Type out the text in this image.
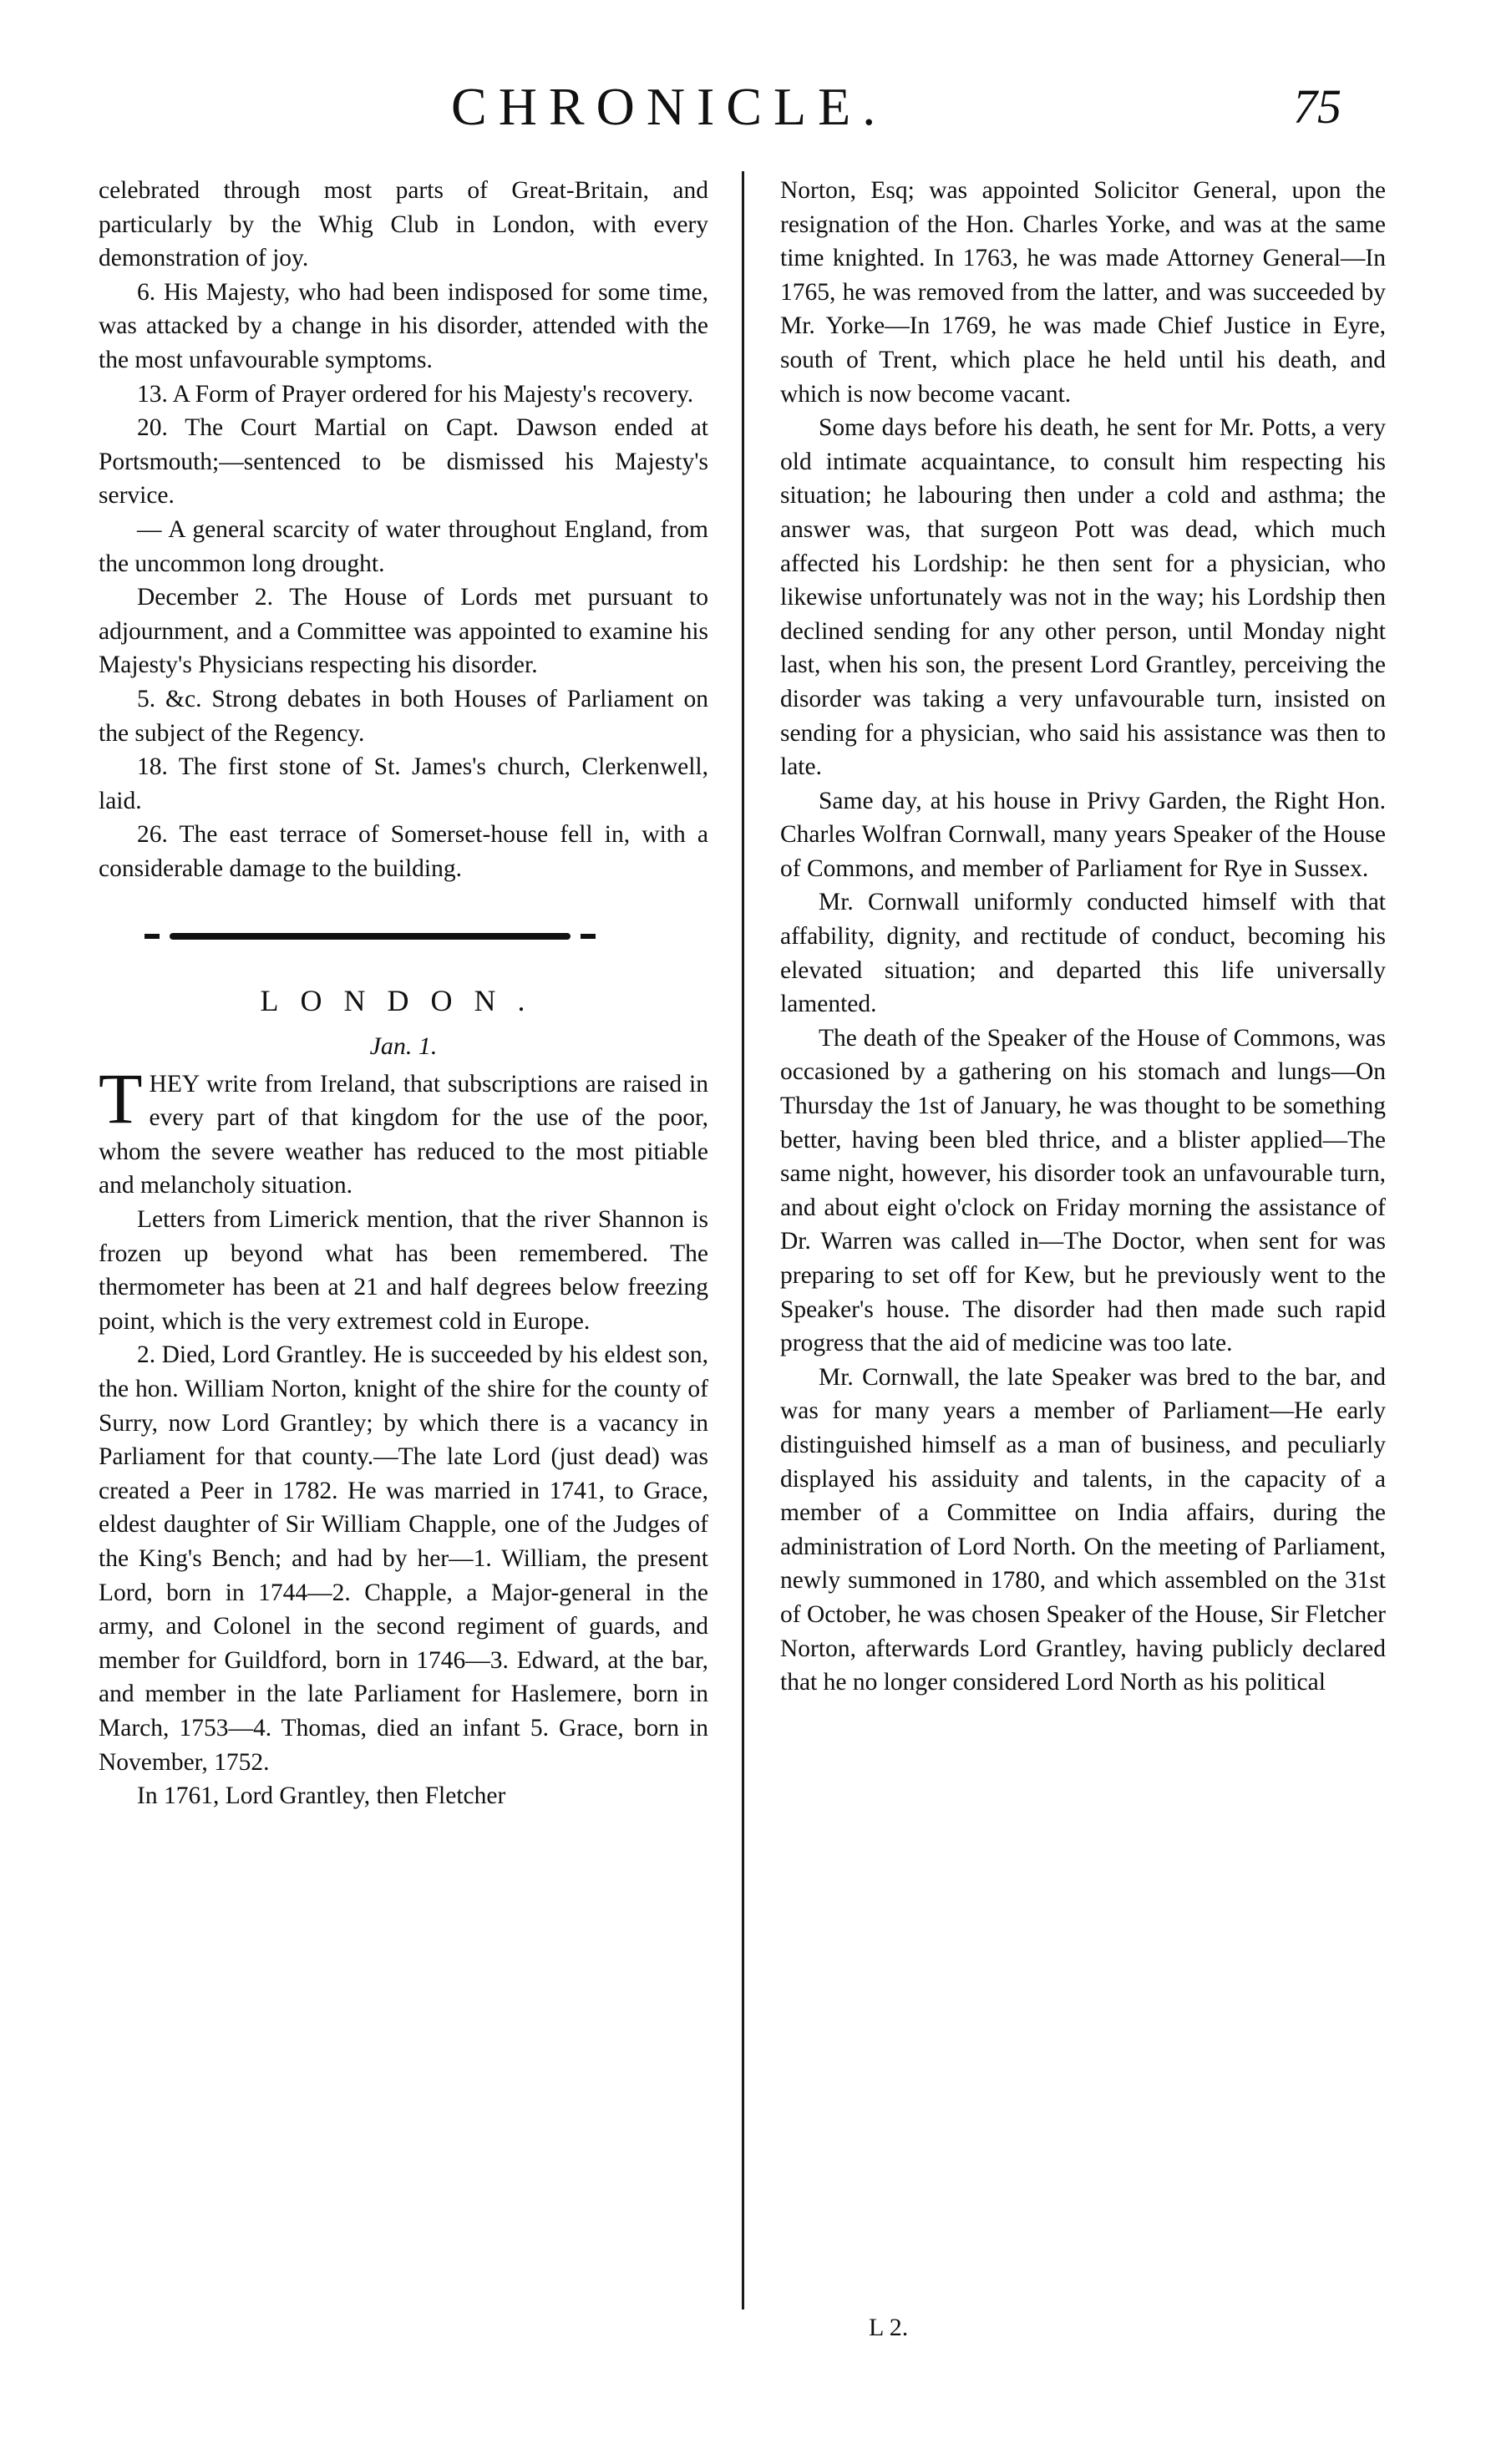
CHRONICLE.	75

celebrated through most parts of Great-Britain, and particularly by the Whig Club in London, with every demonstration of joy.

6. His Majesty, who had been indisposed for some time, was attacked by a change in his disorder, attended with the the most unfavourable symptoms.

13. A Form of Prayer ordered for his Majesty's recovery.

20. The Court Martial on Capt. Dawson ended at Portsmouth;—sentenced to be dismissed his Majesty's service.

— A general scarcity of water throughout England, from the uncommon long drought.

December 2. The House of Lords met pursuant to adjournment, and a Committee was appointed to examine his Majesty's Physicians respecting his disorder.

5. &c. Strong debates in both Houses of Parliament on the subject of the Regency.

18. The first stone of St. James's church, Clerkenwell, laid.

26. The east terrace of Somerset-house fell in, with a considerable damage to the building.

LONDON.
Jan. 1.

THEY write from Ireland, that subscriptions are raised in every part of that kingdom for the use of the poor, whom the severe weather has reduced to the most pitiable and melancholy situation.

Letters from Limerick mention, that the river Shannon is frozen up beyond what has been remembered. The thermometer has been at 21 and half degrees below freezing point, which is the very extremest cold in Europe.

2. Died, Lord Grantley. He is succeeded by his eldest son, the hon. William Norton, knight of the shire for the county of Surry, now Lord Grantley; by which there is a vacancy in Parliament for that county.—The late Lord (just dead) was created a Peer in 1782. He was married in 1741, to Grace, eldest daughter of Sir William Chapple, one of the Judges of the King's Bench; and had by her—1. William, the present Lord, born in 1744—2. Chapple, a Major-general in the army, and Colonel in the second regiment of guards, and member for Guildford, born in 1746—3. Edward, at the bar, and member in the late Parliament for Haslemere, born in March, 1753—4. Thomas, died an infant 5. Grace, born in November, 1752.

In 1761, Lord Grantley, then Fletcher

Norton, Esq; was appointed Solicitor General, upon the resignation of the Hon. Charles Yorke, and was at the same time knighted. In 1763, he was made Attorney General—In 1765, he was removed from the latter, and was succeeded by Mr. Yorke—In 1769, he was made Chief Justice in Eyre, south of Trent, which place he held until his death, and which is now become vacant.

Some days before his death, he sent for Mr. Potts, a very old intimate acquaintance, to consult him respecting his situation; he labouring then under a cold and asthma; the answer was, that surgeon Pott was dead, which much affected his Lordship: he then sent for a physician, who likewise unfortunately was not in the way; his Lordship then declined sending for any other person, until Monday night last, when his son, the present Lord Grantley, perceiving the disorder was taking a very unfavourable turn, insisted on sending for a physician, who said his assistance was then to late.

Same day, at his house in Privy Garden, the Right Hon. Charles Wolfran Cornwall, many years Speaker of the House of Commons, and member of Parliament for Rye in Sussex.

Mr. Cornwall uniformly conducted himself with that affability, dignity, and rectitude of conduct, becoming his elevated situation; and departed this life universally lamented.

The death of the Speaker of the House of Commons, was occasioned by a gathering on his stomach and lungs—On Thursday the 1st of January, he was thought to be something better, having been bled thrice, and a blister applied—The same night, however, his disorder took an unfavourable turn, and about eight o'clock on Friday morning the assistance of Dr. Warren was called in—The Doctor, when sent for was preparing to set off for Kew, but he previously went to the Speaker's house. The disorder had then made such rapid progress that the aid of medicine was too late.

Mr. Cornwall, the late Speaker was bred to the bar, and was for many years a member of Parliament—He early distinguished himself as a man of business, and peculiarly displayed his assiduity and talents, in the capacity of a member of a Committee on India affairs, during the administration of Lord North. On the meeting of Parliament, newly summoned in 1780, and which assembled on the 31st of October, he was chosen Speaker of the House, Sir Fletcher Norton, afterwards Lord Grantley, having publicly declared that he no longer considered Lord North as his political

L 2.
